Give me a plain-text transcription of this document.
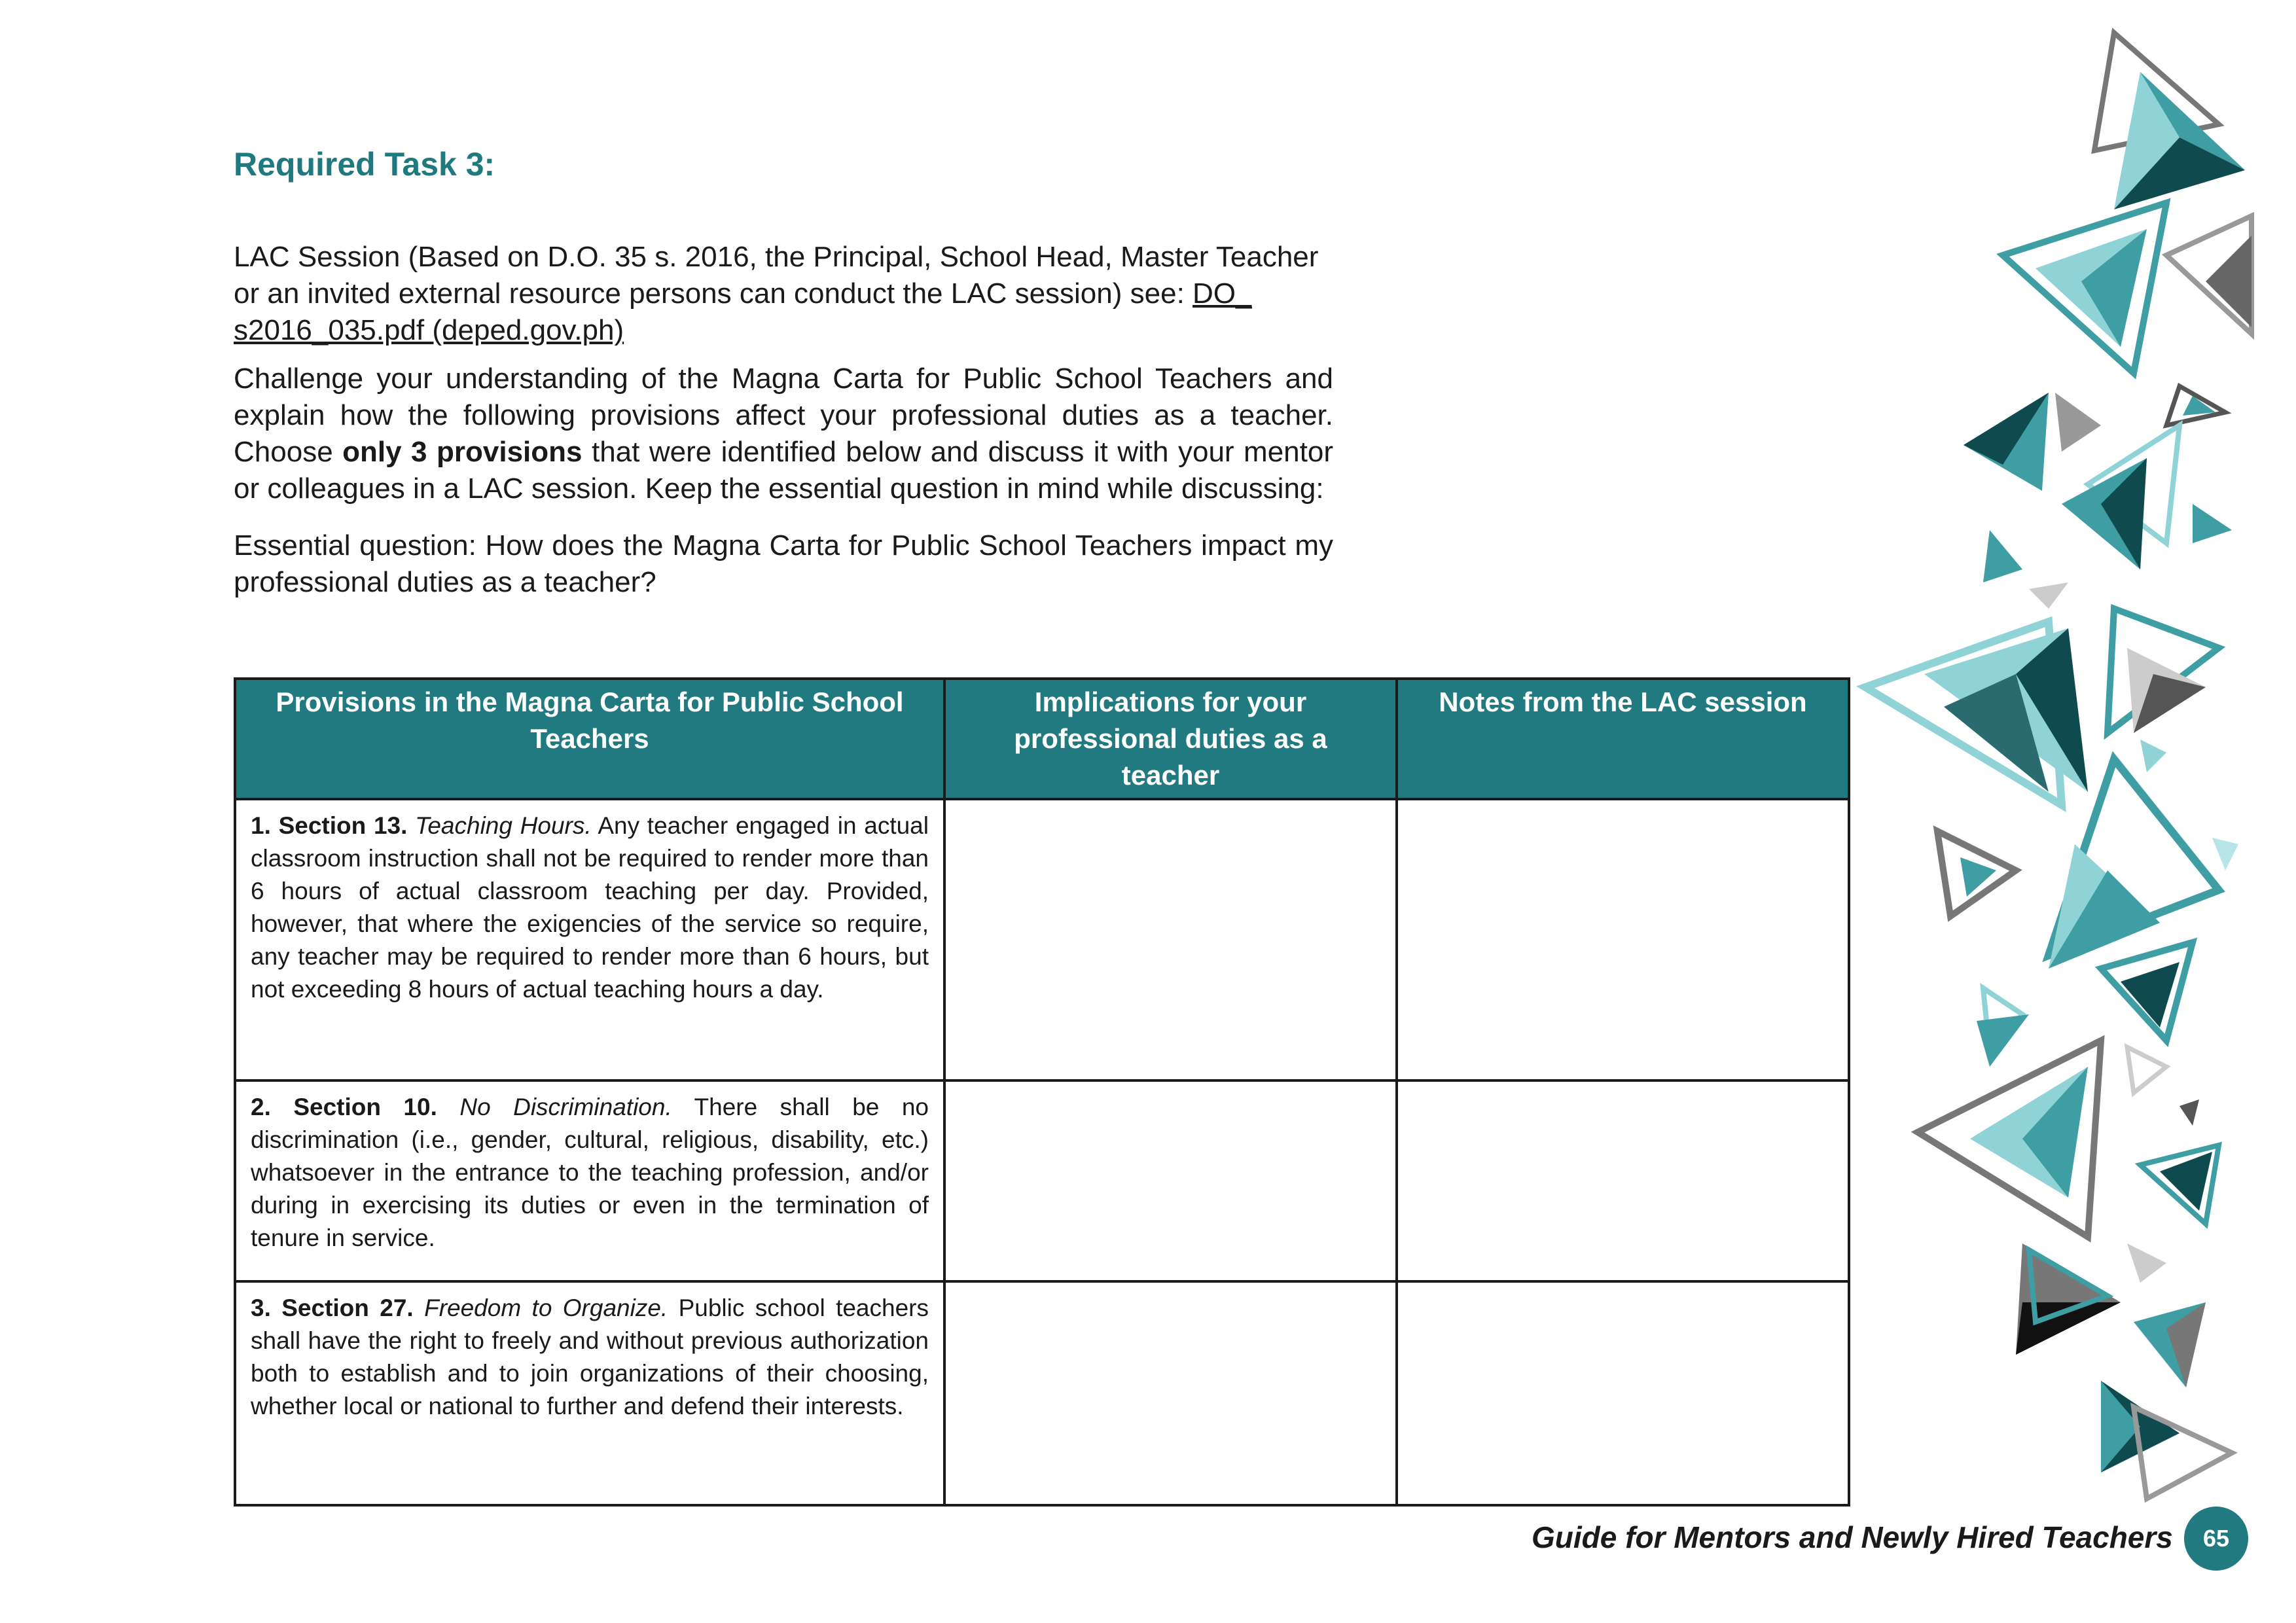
Required Task 3:

LAC Session (Based on D.O. 35 s. 2016, the Principal, School Head, Master Teacher or an invited external resource persons can conduct the LAC session) see: DO_ s2016_035.pdf (deped.gov.ph)

Challenge your understanding of the Magna Carta for Public School Teachers and explain how the following provisions affect your professional duties as a teacher. Choose only 3 provisions that were identified below and discuss it with your mentor or colleagues in a LAC session. Keep the essential question in mind while discussing:

Essential question: How does the Magna Carta for Public School Teachers impact my professional duties as a teacher?

Provisions in the Magna Carta for Public School Teachers	Implications for your professional duties as a teacher	Notes from the LAC session
1. Section 13. Teaching Hours. Any teacher engaged in actual classroom instruction shall not be required to render more than 6 hours of actual classroom teaching per day. Provided, however, that where the exigencies of the service so require, any teacher may be required to render more than 6 hours, but not exceeding 8 hours of actual teaching hours a day.		
2. Section 10. No Discrimination. There shall be no discrimination (i.e., gender, cultural, religious, disability, etc.) whatsoever in the entrance to the teaching profession, and/or during in exercising its duties or even in the termination of tenure in service.		
3. Section 27. Freedom to Organize. Public school teachers shall have the right to freely and without previous authorization both to establish and to join organizations of their choosing, whether local or national to further and defend their interests.		

Guide for Mentors and Newly Hired Teachers	65
